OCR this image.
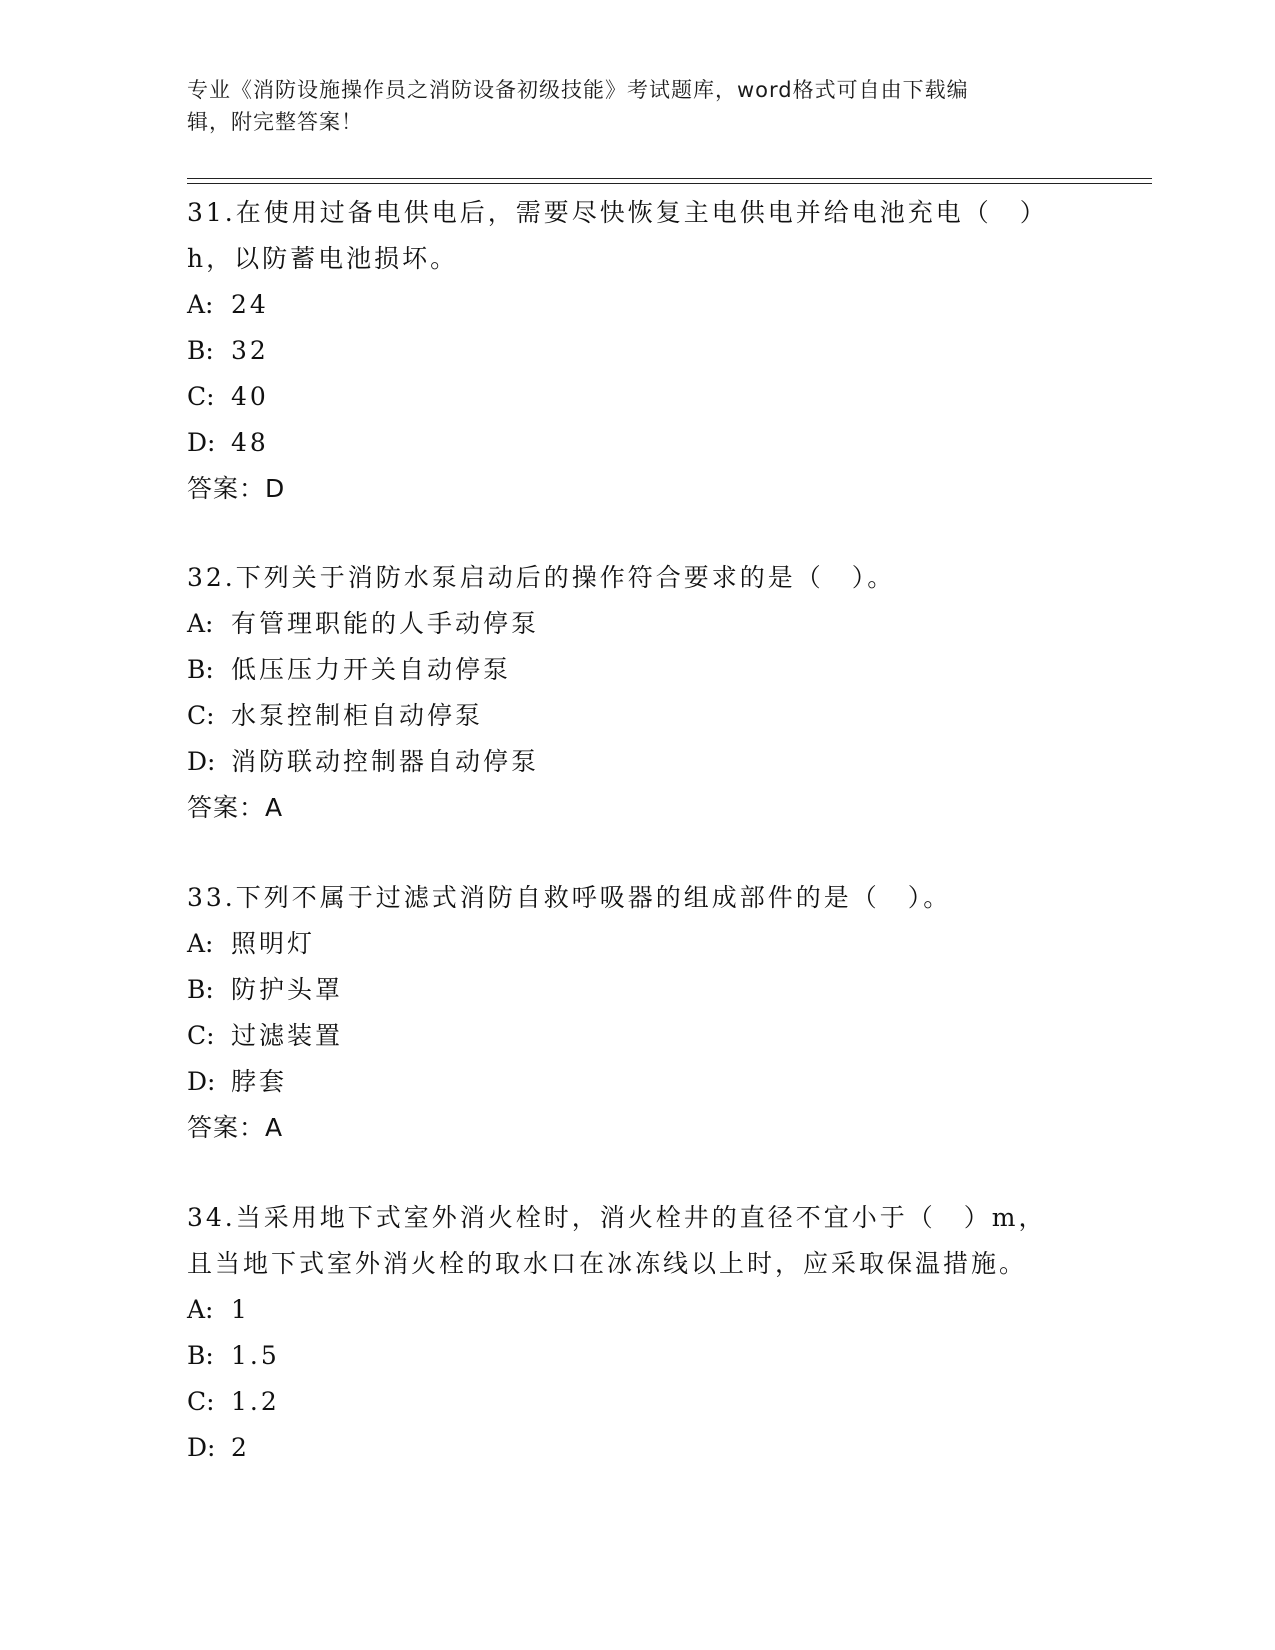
专业《消防设施操作员之消防设备初级技能》考试题库，word格式可自由下载编
辑，附完整答案！
31.在使用过备电供电后，需要尽快恢复主电供电并给电池充电（　）
h，以防蓄电池损坏。
A: 24
B: 32
C: 40
D: 48
答案：D
32.下列关于消防水泵启动后的操作符合要求的是（　）。
A: 有管理职能的人手动停泵
B: 低压压力开关自动停泵
C: 水泵控制柜自动停泵
D: 消防联动控制器自动停泵
答案：A
33.下列不属于过滤式消防自救呼吸器的组成部件的是（　）。
A: 照明灯
B: 防护头罩
C: 过滤装置
D: 脖套
答案：A
34.当采用地下式室外消火栓时，消火栓井的直径不宜小于（　）m，
且当地下式室外消火栓的取水口在冰冻线以上时，应采取保温措施。
A: 1
B: 1.5
C: 1.2
D: 2
